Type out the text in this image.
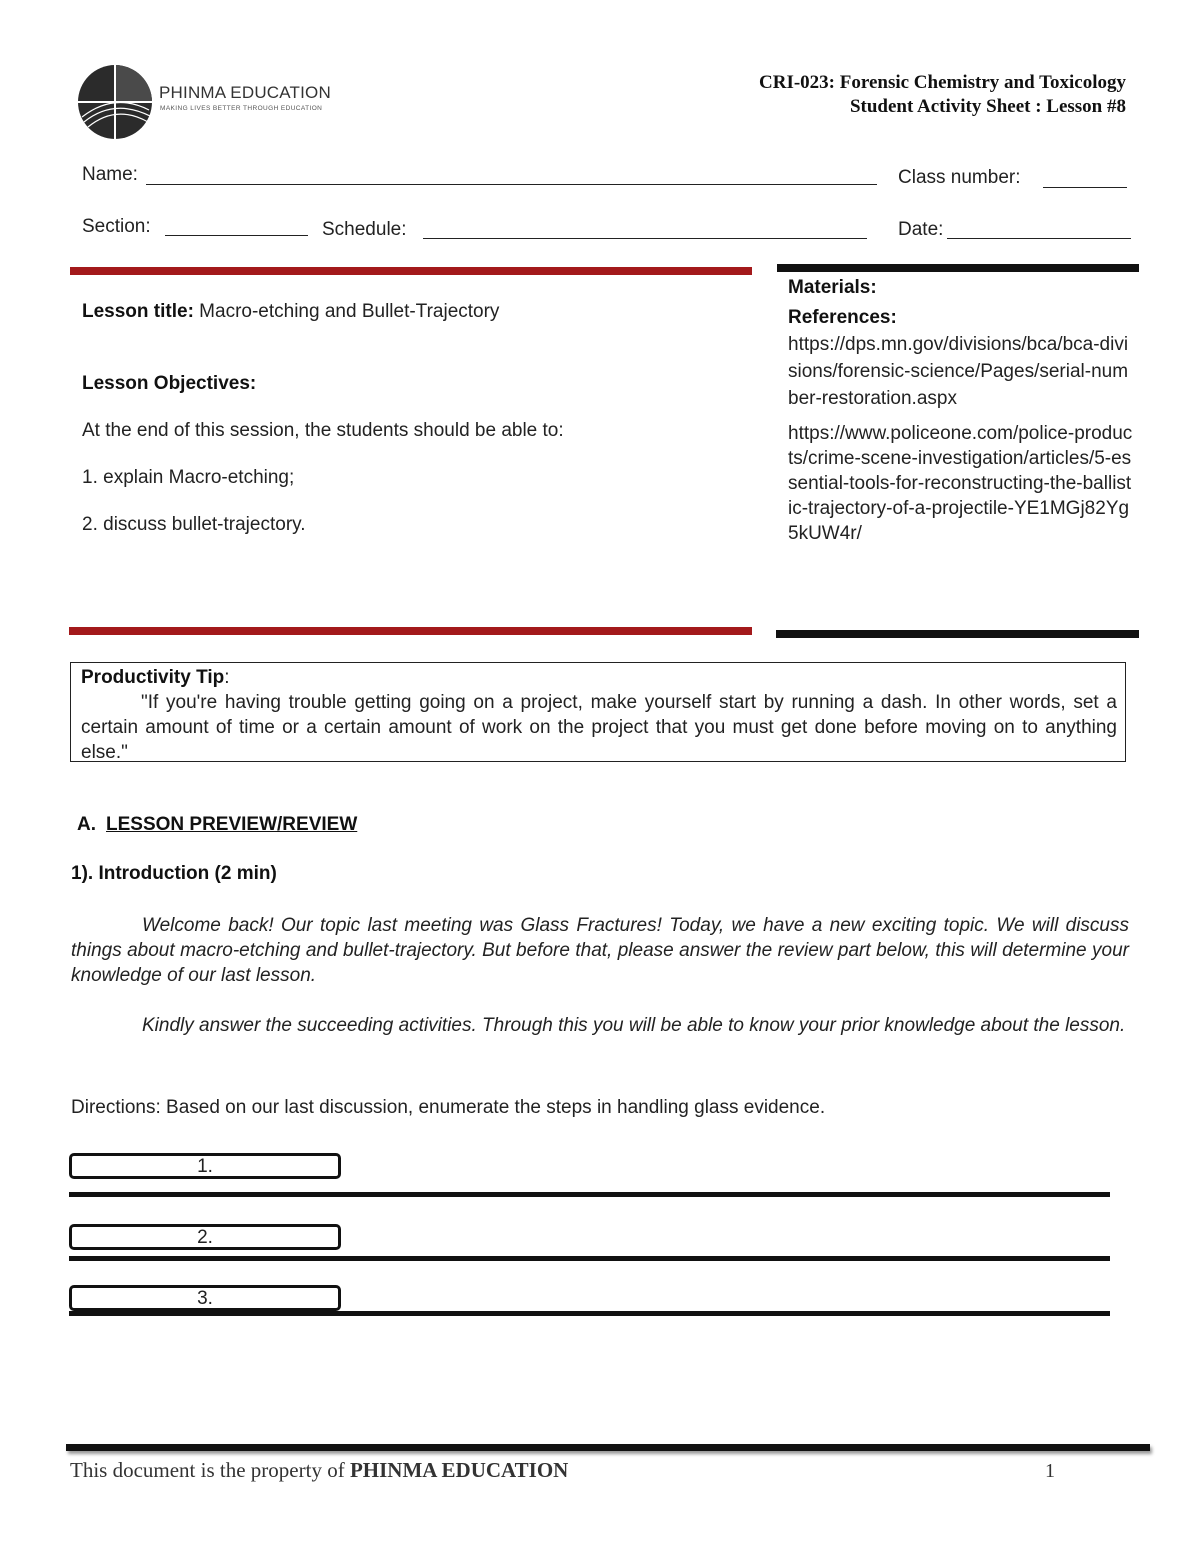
PHINMA EDUCATION
MAKING LIVES BETTER THROUGH EDUCATION
CRI-023: Forensic Chemistry and Toxicology
Student Activity Sheet : Lesson #8
Name:	Class number:
Section:	Schedule:	Date:

Lesson title: Macro-etching and Bullet-Trajectory

Lesson Objectives:

At the end of this session, the students should be able to:

1. explain Macro-etching;

2. discuss bullet-trajectory.

Materials:
References:
https://dps.mn.gov/divisions/bca/bca-divisions/forensic-science/Pages/serial-number-restoration.aspx
https://www.policeone.com/police-products/crime-scene-investigation/articles/5-essential-tools-for-reconstructing-the-ballistic-trajectory-of-a-projectile-YE1MGj82Yg5kUW4r/
Productivity Tip:

"If you're having trouble getting going on a project, make yourself start by running a dash. In other words, set a certain amount of time or a certain amount of work on the project that you must get done before moving on to anything else."

A. LESSON PREVIEW/REVIEW
1). Introduction (2 min)
Welcome back! Our topic last meeting was Glass Fractures! Today, we have a new exciting topic. We will discuss things about macro-etching and bullet-trajectory. But before that, please answer the review part below, this will determine your knowledge of our last lesson.
Kindly answer the succeeding activities. Through this you will be able to know your prior knowledge about the lesson.
Directions: Based on our last discussion, enumerate the steps in handling glass evidence.
1.
2.
3.
This document is the property of PHINMA EDUCATION	1
